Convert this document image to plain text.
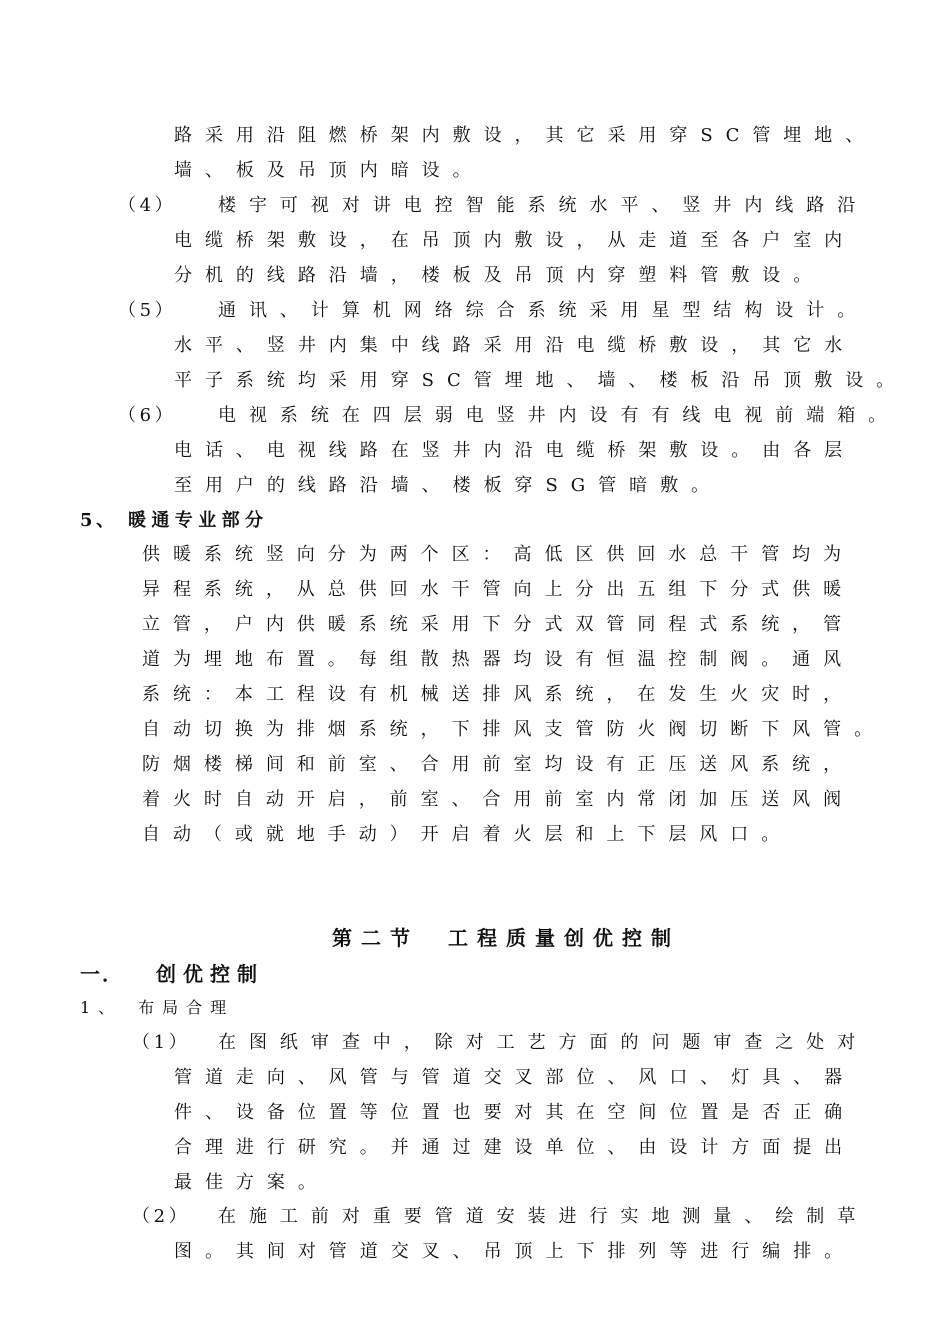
路采用沿阻燃桥架内敷设，其它采用穿SC管埋地、
墙、板及吊顶内暗设。
（4） 楼宇可视对讲电控智能系统水平、竖井内线路沿
电缆桥架敷设，在吊顶内敷设，从走道至各户室内
分机的线路沿墙，楼板及吊顶内穿塑料管敷设。
（5） 通讯、计算机网络综合系统采用星型结构设计。
水平、竖井内集中线路采用沿电缆桥敷设，其它水
平子系统均采用穿SC管埋地、墙、楼板沿吊顶敷设。
（6） 电视系统在四层弱电竖井内设有有线电视前端箱。
电话、电视线路在竖井内沿电缆桥架敷设。由各层
至用户的线路沿墙、楼板穿SG管暗敷。
5、 暖通专业部分
供暖系统竖向分为两个区：高低区供回水总干管均为
异程系统，从总供回水干管向上分出五组下分式供暖
立管，户内供暖系统采用下分式双管同程式系统，管
道为埋地布置。每组散热器均设有恒温控制阀。通风
系统：本工程设有机械送排风系统，在发生火灾时，
自动切换为排烟系统，下排风支管防火阀切断下风管。
防烟楼梯间和前室、合用前室均设有正压送风系统，
着火时自动开启，前室、合用前室内常闭加压送风阀
自动（或就地手动）开启着火层和上下层风口。
第二节　工程质量创优控制
一． 创优控制
1、　布局合理
（1） 在图纸审查中，除对工艺方面的问题审查之处对
管道走向、风管与管道交叉部位、风口、灯具、器
件、设备位置等位置也要对其在空间位置是否正确
合理进行研究。并通过建设单位、由设计方面提出
最佳方案。
（2） 在施工前对重要管道安装进行实地测量、绘制草
图。其间对管道交叉、吊顶上下排列等进行编排。
